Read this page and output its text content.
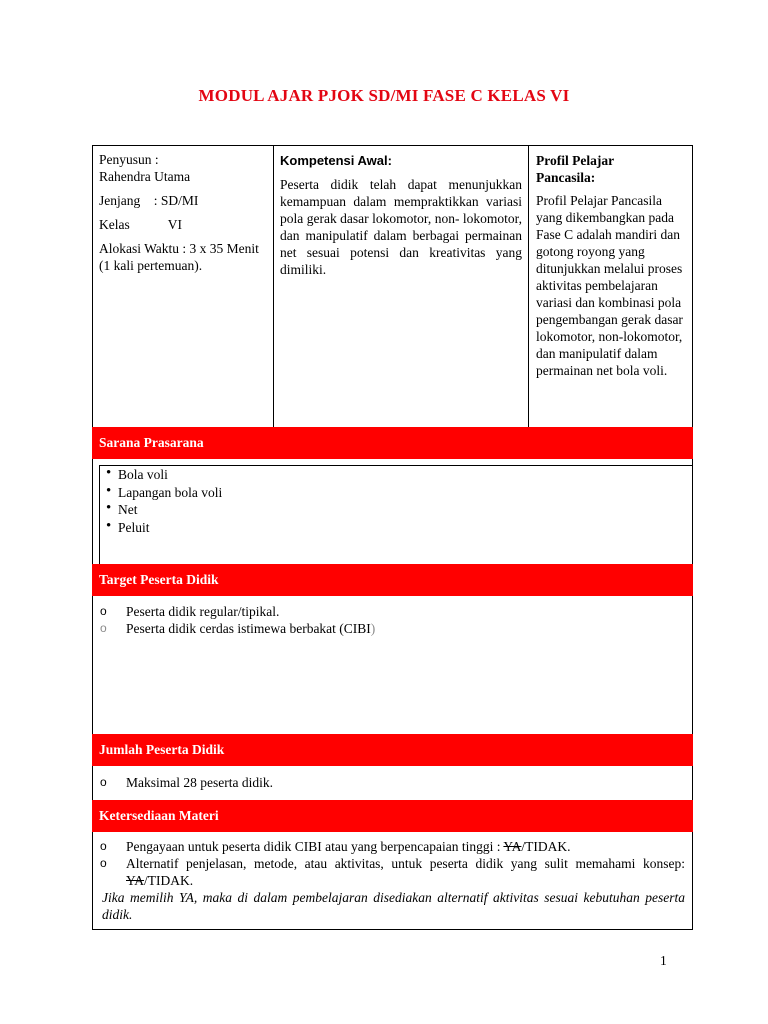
MODUL AJAR PJOK SD/MI FASE C KELAS VI

Penyusun :

Rahendra Utama

Jenjang    : SD/MI

Kelas	VI

Alokasi Waktu : 3 x 35 Menit (1 kali pertemuan).

Kompetensi Awal:

Peserta didik telah dapat menunjukkan kemampuan dalam mempraktikkan variasi pola gerak dasar lokomotor, non- lokomotor, dan manipulatif dalam berbagai permainan net sesuai potensi dan kreativitas yang dimiliki.

Profil Pelajar Pancasila:

Profil Pelajar Pancasila yang dikembangkan pada Fase C adalah mandiri dan gotong royong yang ditunjukkan melalui proses aktivitas pembelajaran variasi dan kombinasi pola pengembangan gerak dasar lokomotor, non-lokomotor, dan manipulatif dalam permainan net bola voli.

Sarana Prasarana
• Bola voli
• Lapangan bola voli
• Net
• Peluit
Target Peserta Didik
o Peserta didik regular/tipikal.
o Peserta didik cerdas istimewa berbakat (CIBI)
Jumlah Peserta Didik
o Maksimal 28 peserta didik.
Ketersediaan Materi
o Pengayaan untuk peserta didik CIBI atau yang berpencapaian tinggi : YA/TIDAK.
o Alternatif penjelasan, metode, atau aktivitas, untuk peserta didik yang sulit memahami konsep: YA/TIDAK.

Jika memilih YA, maka di dalam pembelajaran disediakan alternatif aktivitas sesuai kebutuhan peserta didik.

1
